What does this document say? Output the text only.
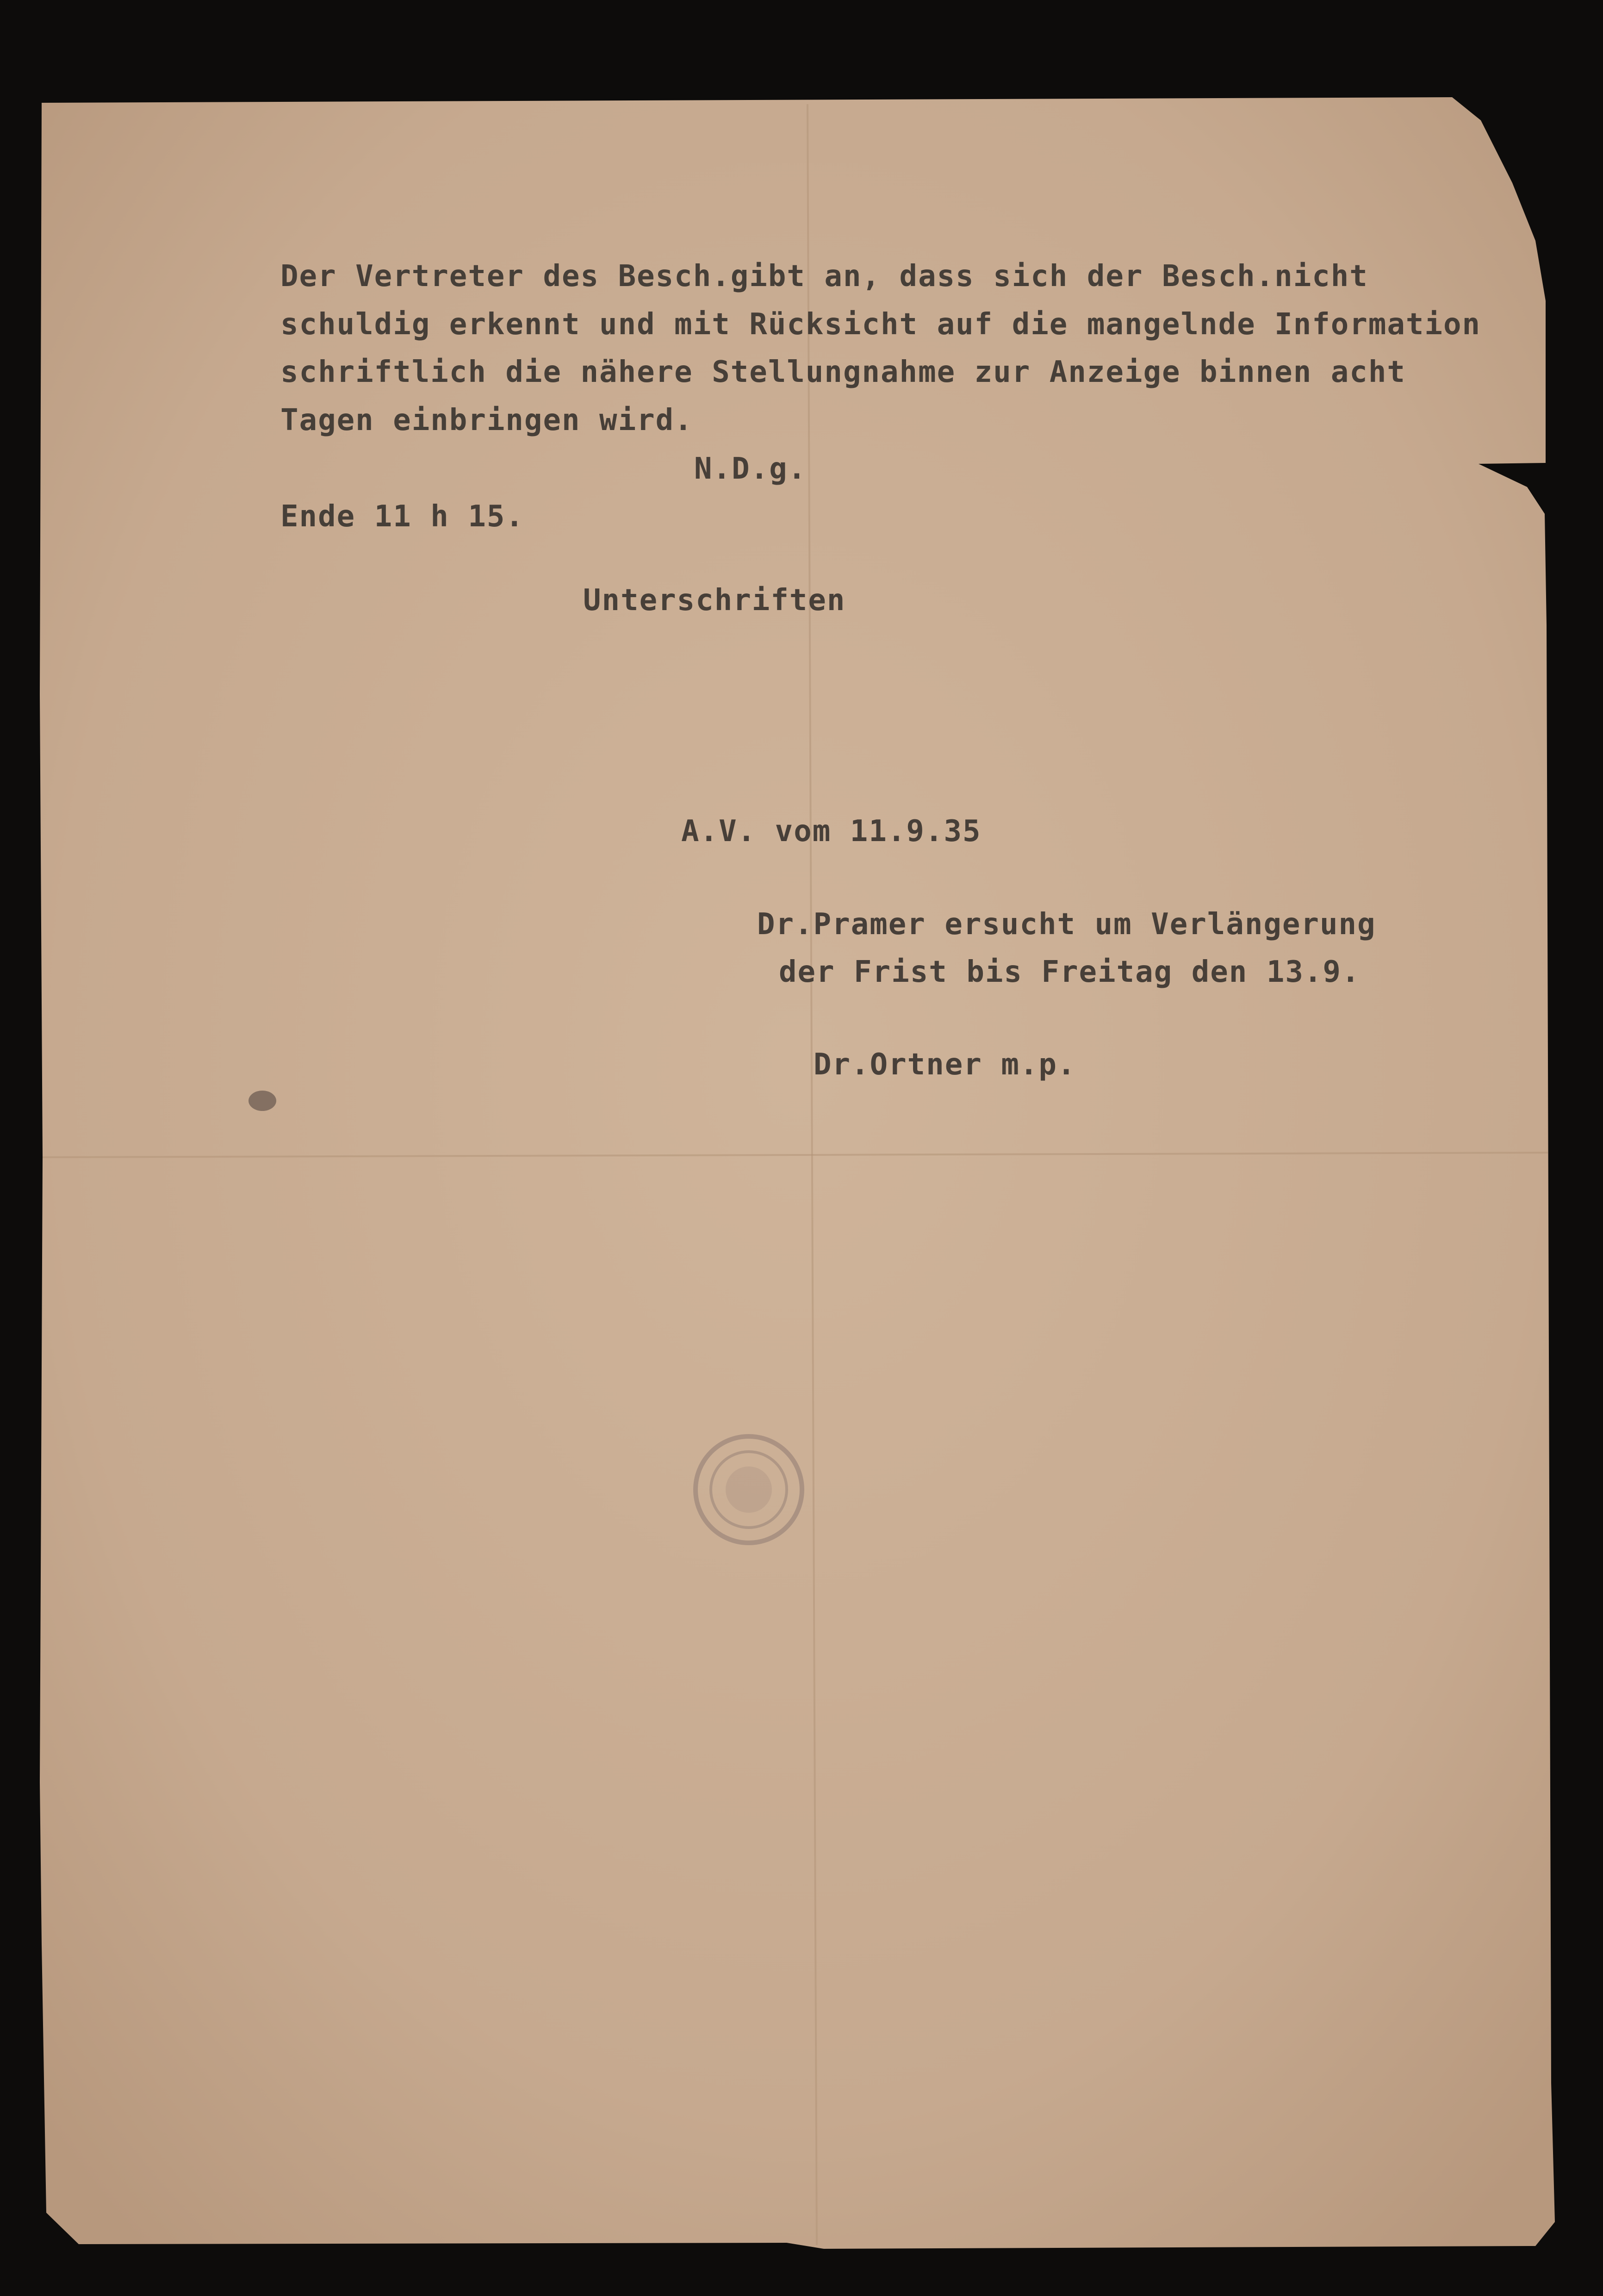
Der Vertreter des Besch.gibt an, dass sich der Besch.nicht
schuldig erkennt und mit Rücksicht auf die mangelnde Information
schriftlich die nähere Stellungnahme zur Anzeige binnen acht
Tagen einbringen wird.
N.D.g.
Ende 11 h 15.
Unterschriften
A.V. vom 11.9.35
Dr.Pramer ersucht um Verlängerung
der Frist bis Freitag den 13.9.
Dr.Ortner m.p.
